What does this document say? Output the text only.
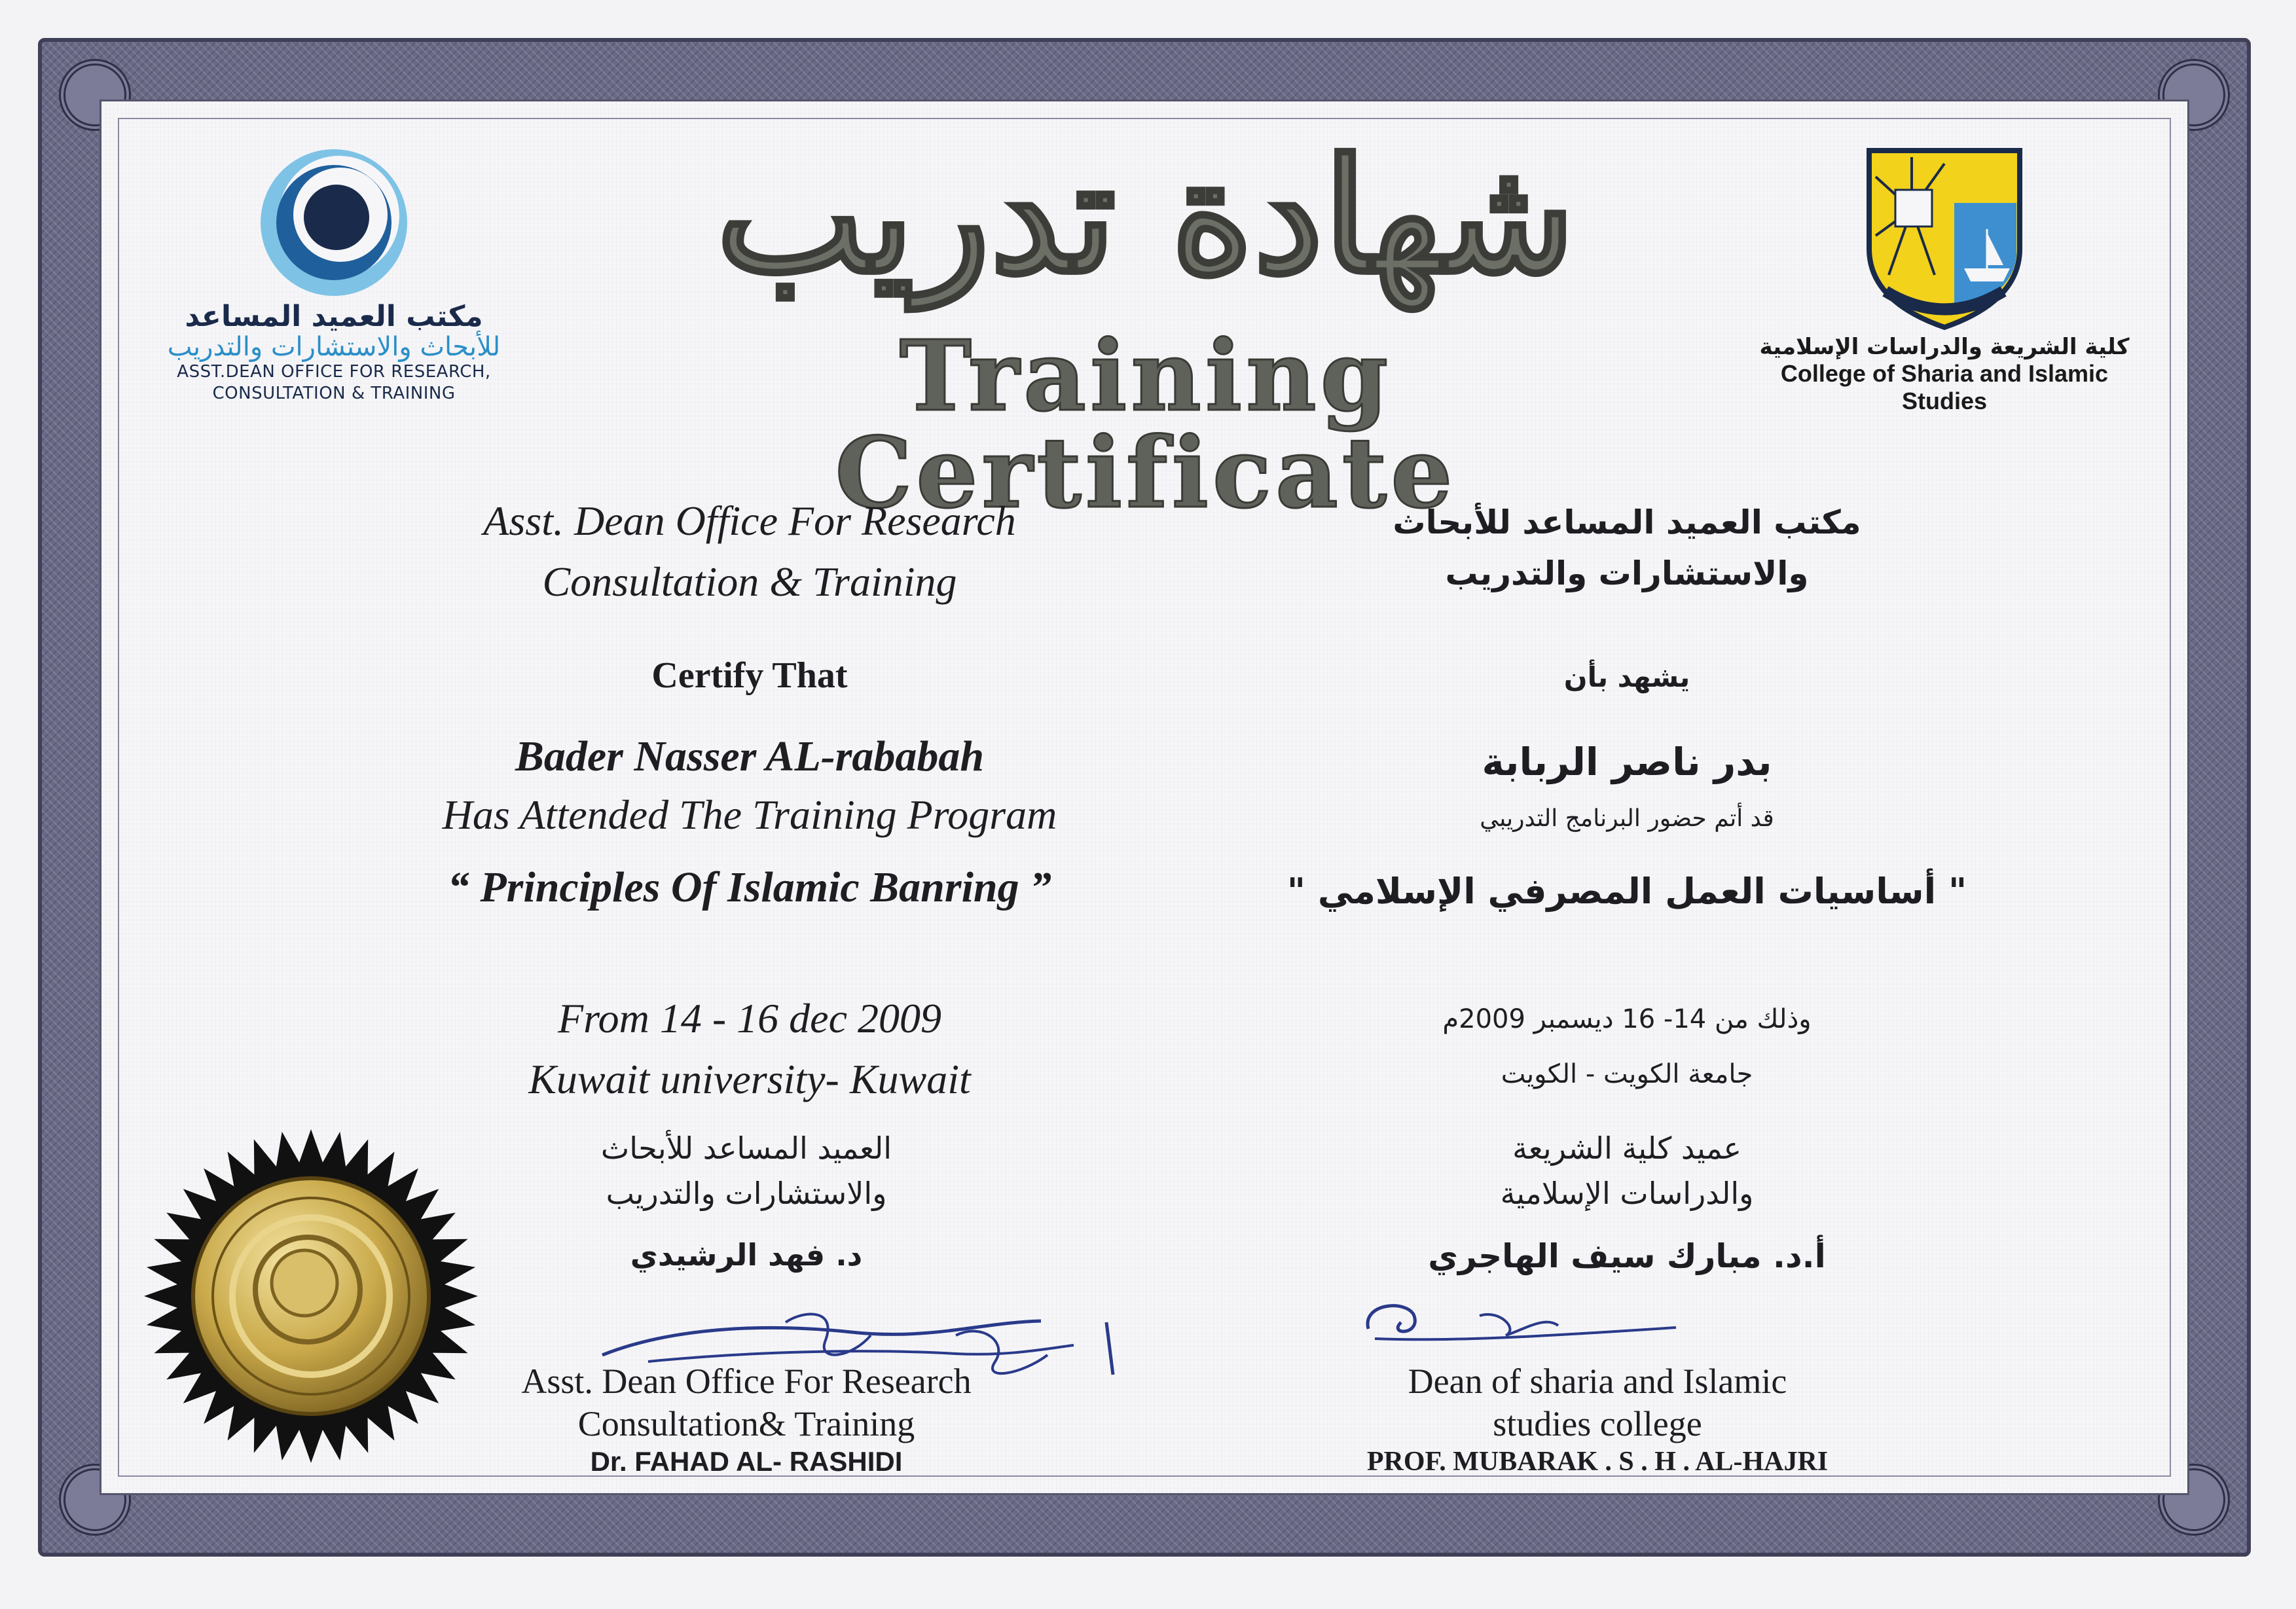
مكتب العميد المساعد
للأبحاث والاستشارات والتدريب
ASST.DEAN OFFICE FOR RESEARCH,
CONSULTATION & TRAINING
كلية الشريعة والدراسات الإسلامية
College of Sharia and Islamic Studies
شهادة تدريب
Training Certificate
Asst. Dean Office For Research
Consultation & Training
Certify That
Bader Nasser AL-rababah
Has Attended The Training Program
“ Principles Of Islamic Banring ”
From 14 - 16 dec 2009
Kuwait university- Kuwait
مكتب العميد المساعد للأبحاث
والاستشارات والتدريب
يشهد بأن
بدر ناصر الربابة
قد أتم حضور البرنامج التدريبي
" أساسيات العمل المصرفي الإسلامي "
وذلك من 14- 16 ديسمبر 2009م
جامعة الكويت - الكويت
العميد المساعد للأبحاث
والاستشارات والتدريب
د. فهد الرشيدي
عميد كلية الشريعة
والدراسات الإسلامية
أ.د. مبارك سيف الهاجري
Asst. Dean Office For Research
Consultation& Training
Dr. FAHAD AL- RASHIDI
Dean of sharia and Islamic
studies college
PROF. MUBARAK . S . H . AL-HAJRI
